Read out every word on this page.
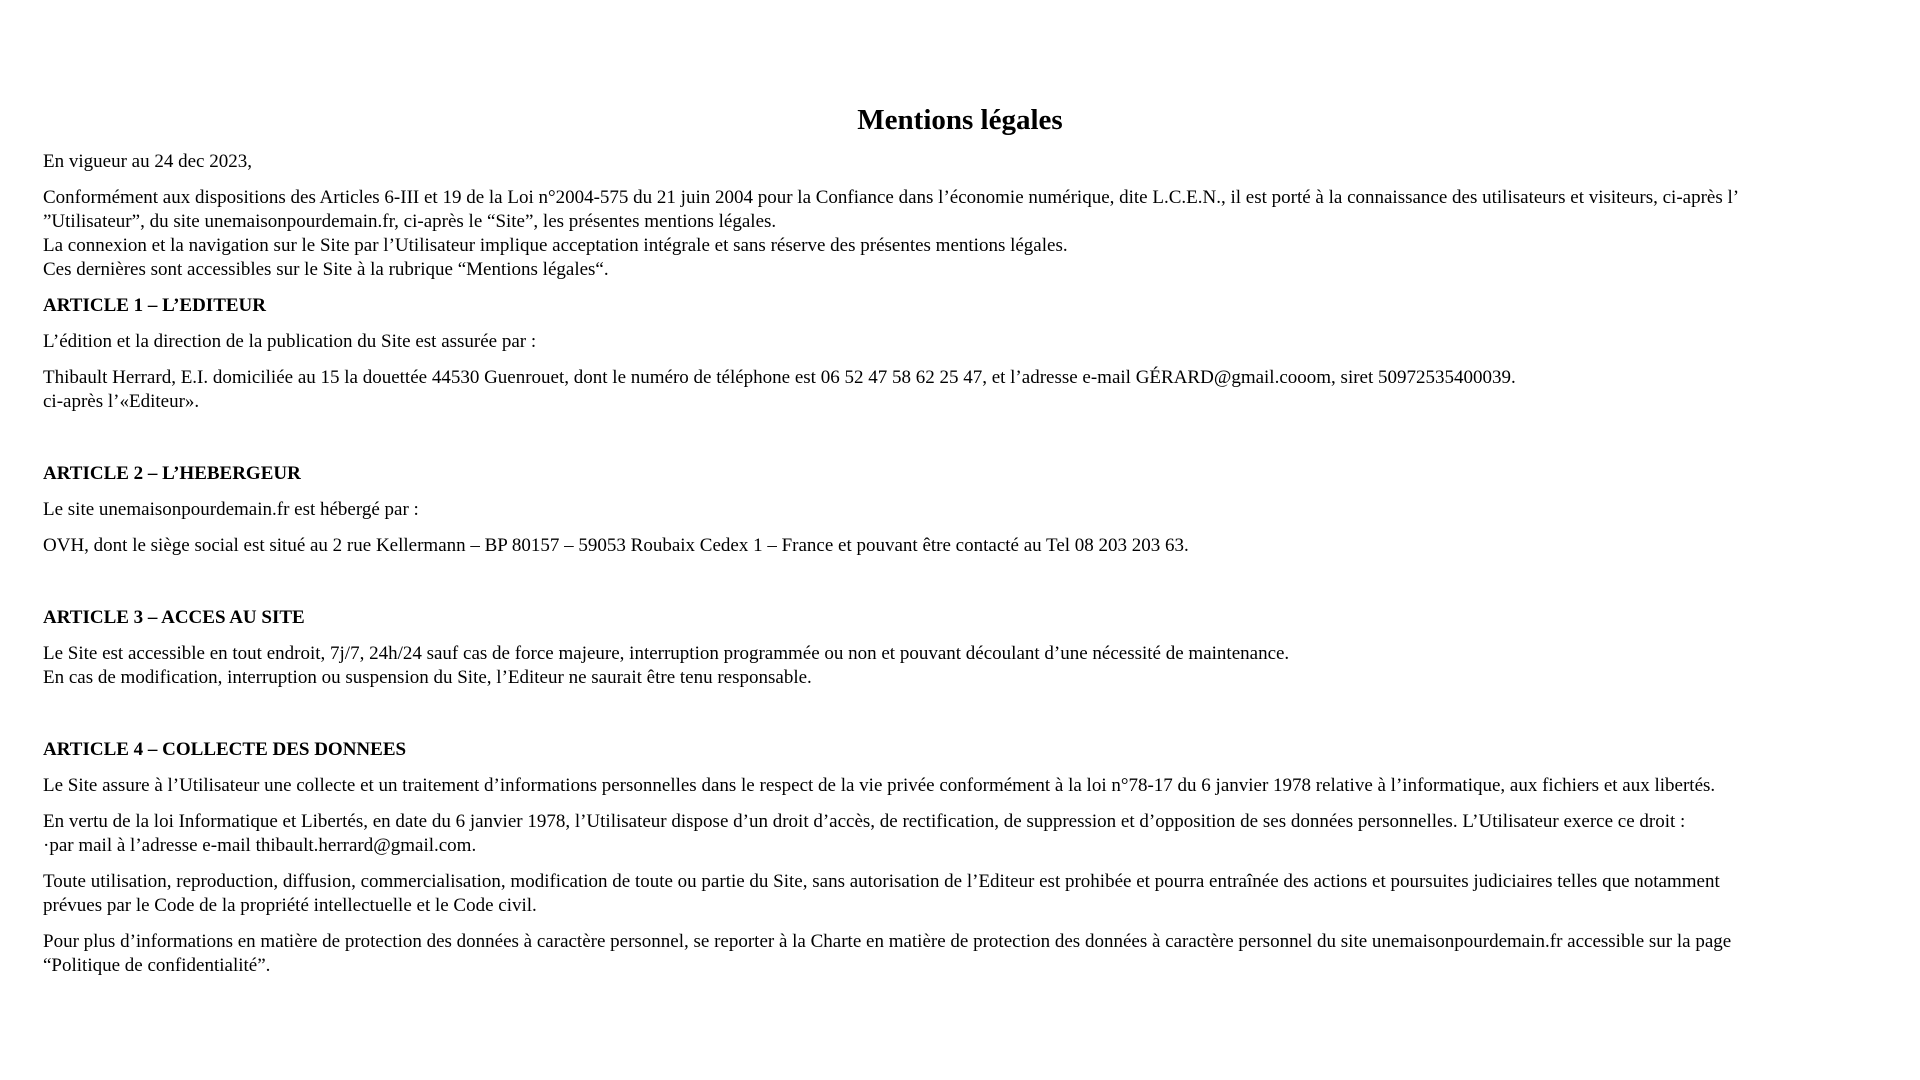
Mentions légales

En vigueur au 24 dec 2023,

Conformément aux dispositions des Articles 6-III et 19 de la Loi n°2004-575 du 21 juin 2004 pour la Confiance dans l’économie numérique, dite L.C.E.N., il est porté à la connaissance des utilisateurs et visiteurs, ci-après l’
”Utilisateur”, du site unemaisonpourdemain.fr, ci-après le “Site”, les présentes mentions légales.
La connexion et la navigation sur le Site par l’Utilisateur implique acceptation intégrale et sans réserve des présentes mentions légales.
Ces dernières sont accessibles sur le Site à la rubrique “Mentions légales“.

ARTICLE 1 – L’EDITEUR

L’édition et la direction de la publication du Site est assurée par :

Thibault Herrard, E.I. domiciliée au 15 la douettée 44530 Guenrouet, dont le numéro de téléphone est 06 52 47 58 62 25 47, et l’adresse e-mail GÉRARD@gmail.cooom, siret 50972535400039.
ci-après l’«Editeur».

ARTICLE 2 – L’HEBERGEUR

Le site unemaisonpourdemain.fr est hébergé par :

OVH, dont le siège social est situé au 2 rue Kellermann – BP 80157 – 59053 Roubaix Cedex 1 – France et pouvant être contacté au Tel 08 203 203 63.

ARTICLE 3 – ACCES AU SITE

Le Site est accessible en tout endroit, 7j/7, 24h/24 sauf cas de force majeure, interruption programmée ou non et pouvant découlant d’une nécessité de maintenance.
En cas de modification, interruption ou suspension du Site, l’Editeur ne saurait être tenu responsable.

ARTICLE 4 – COLLECTE DES DONNEES

Le Site assure à l’Utilisateur une collecte et un traitement d’informations personnelles dans le respect de la vie privée conformément à la loi n°78-17 du 6 janvier 1978 relative à l’informatique, aux fichiers et aux libertés.

En vertu de la loi Informatique et Libertés, en date du 6 janvier 1978, l’Utilisateur dispose d’un droit d’accès, de rectification, de suppression et d’opposition de ses données personnelles. L’Utilisateur exerce ce droit :
·par mail à l’adresse e-mail thibault.herrard@gmail.com.

Toute utilisation, reproduction, diffusion, commercialisation, modification de toute ou partie du Site, sans autorisation de l’Editeur est prohibée et pourra entraînée des actions et poursuites judiciaires telles que notamment
prévues par le Code de la propriété intellectuelle et le Code civil.

Pour plus d’informations en matière de protection des données à caractère personnel, se reporter à la Charte en matière de protection des données à caractère personnel du site unemaisonpourdemain.fr accessible sur la page
“Politique de confidentialité”.
